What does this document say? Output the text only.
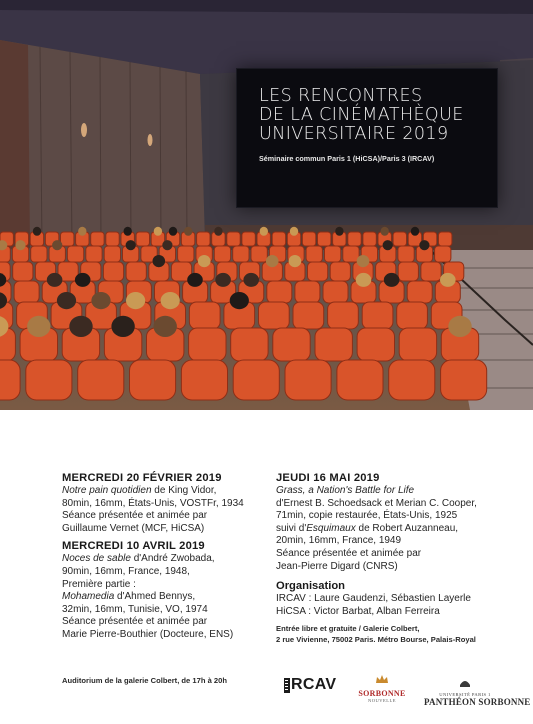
LES RENCONTRES
DE LA CINÉMATHÈQUE
UNIVERSITAIRE 2019
Séminaire commun Paris 1 (HiCSA)/Paris 3 (IRCAV)
MERCREDI 20 FÉVRIER 2019
Notre pain quotidien de King Vidor,
80min, 16mm, États-Unis, VOSTFr, 1934
Séance présentée et animée par
Guillaume Vernet (MCF, HiCSA)
MERCREDI 10 AVRIL 2019
Noces de sable d'André Zwobada,
90min, 16mm, France, 1948,
Première partie :
Mohamedia d'Ahmed Bennys,
32min, 16mm, Tunisie, VO, 1974
Séance présentée et animée par
Marie Pierre-Bouthier (Docteure, ENS)
JEUDI 16 MAI 2019
Grass, a Nation's Battle for Life
d'Ernest B. Schoedsack et Merian C. Cooper,
71min, copie restaurée, États-Unis, 1925
suivi d'Esquimaux de Robert Auzanneau,
20min, 16mm, France, 1949
Séance présentée et animée par
Jean-Pierre Digard (CNRS)
Organisation
IRCAV : Laure Gaudenzi, Sébastien Layerle
HiCSA : Victor Barbat, Alban Ferreira
Entrée libre et gratuite / Galerie Colbert,
2 rue Vivienne, 75002 Paris. Métro Bourse, Palais-Royal
Auditorium de la galerie Colbert, de 17h à 20h	RCAV
SORBONNE
NOUVELLE
UNIVERSITÉ PARIS 1
PANTHÉON SORBONNE
